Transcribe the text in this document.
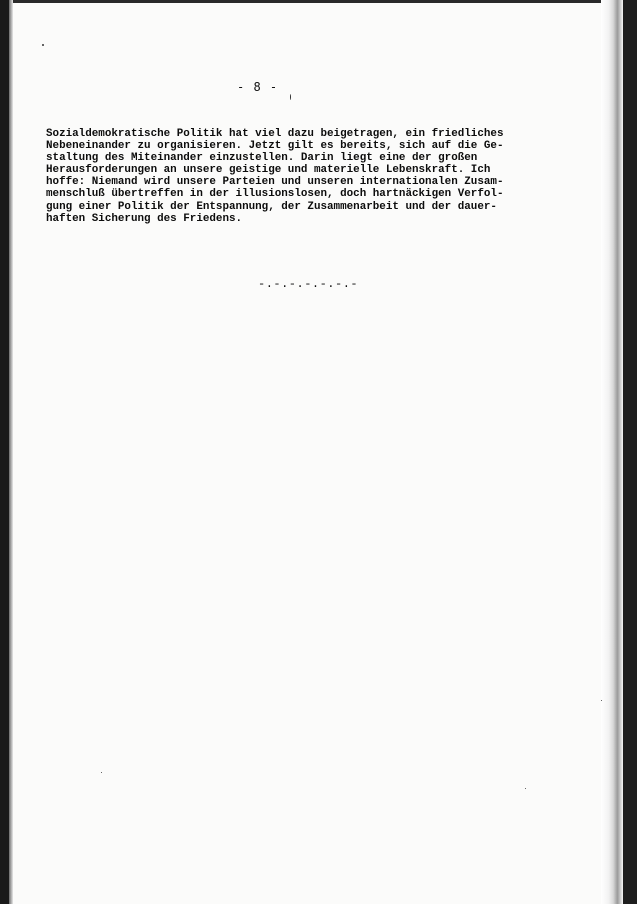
- 8 -
Sozialdemokratische Politik hat viel dazu beigetragen, ein friedliches
Nebeneinander zu organisieren. Jetzt gilt es bereits, sich auf die Ge-
staltung des Miteinander einzustellen. Darin liegt eine der großen
Herausforderungen an unsere geistige und materielle Lebenskraft. Ich
hoffe: Niemand wird unsere Parteien und unseren internationalen Zusam-
menschluß übertreffen in der illusionslosen, doch hartnäckigen Verfol-
gung einer Politik der Entspannung, der Zusammenarbeit und der dauer-
haften Sicherung des Friedens.
-.-.-.-.-.-.-
